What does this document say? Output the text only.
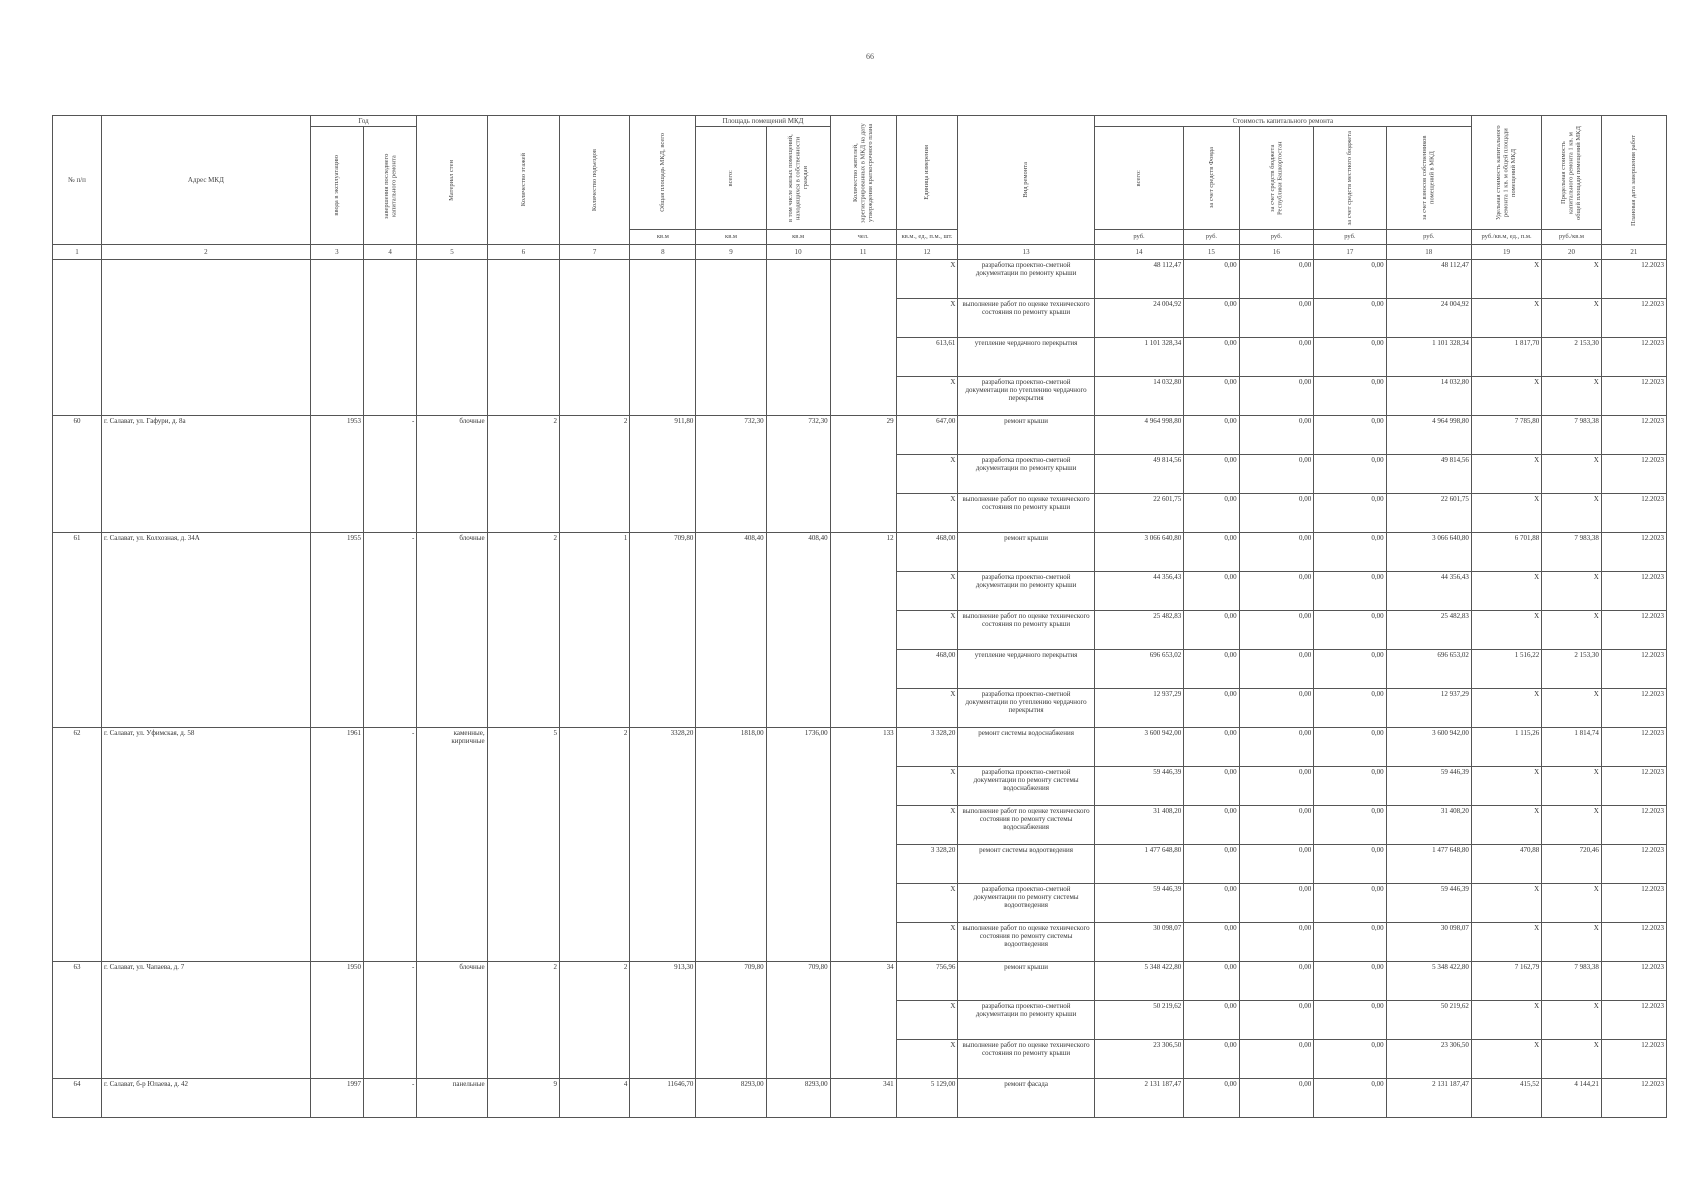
66
№ п/п	Адрес МКД	Год		Материал стен	Количество этажей	Количество подъездов	Общая площадь МКД, всего	Площадь помещений МКД		Количество жителей, зарегистрированных в МКД на дату утверждения краткосрочного плана	Единица измерения	Вид ремонта	Стоимость капитального ремонта					Удельная стоимость капитального ремонта 1 кв. м общей площади помещений МКД	Предельная стоимость капитального ремонта 1 кв. м общей площади помещений МКД	Плановая дата завершения работ

		ввода в эксплуатацию	завершения последнего капитального ремонта					всего:	в том числе жилых помещений, находящихся в собственности граждан				всего:	за счет средств Фонда	за счет средств бюджета Республики Башкортостан	за счет средств местного бюджета	за счет взносов собственников помещений в МКД			

							кв.м	кв.м	кв.м	чел.	кв.м., ед., п.м., шт.		руб.	руб.	руб.	руб.	руб.	руб./кв.м, ед., п.м.	руб./кв.м	
1	2	3	4	5	6	7	8	9	10	11	12	13	14	15	16	17	18	19	20	21
											X	разработка проектно-сметной документации по ремонту крыши	48 112,47	0,00	0,00	0,00	48 112,47	X	X	12.2023
											X	выполнение работ по оценке технического состояния по ремонту крыши	24 004,92	0,00	0,00	0,00	24 004,92	X	X	12.2023
											613,61	утепление чердачного перекрытия	1 101 328,34	0,00	0,00	0,00	1 101 328,34	1 817,70	2 153,30	12.2023
											X	разработка проектно-сметной документации по утеплению чердачного перекрытия	14 032,80	0,00	0,00	0,00	14 032,80	X	X	12.2023
60	г. Салават, ул. Гафури, д. 8а	1953	-	блочные	2	2	911,80	732,30	732,30	29	647,00	ремонт крыши	4 964 998,80	0,00	0,00	0,00	4 964 998,80	7 785,80	7 983,38	12.2023
											X	разработка проектно-сметной документации по ремонту крыши	49 814,56	0,00	0,00	0,00	49 814,56	X	X	12.2023
											X	выполнение работ по оценке технического состояния по ремонту крыши	22 601,75	0,00	0,00	0,00	22 601,75	X	X	12.2023
61	г. Салават, ул. Колхозная, д. 34А	1955	-	блочные	2	1	709,80	408,40	408,40	12	468,00	ремонт крыши	3 066 640,80	0,00	0,00	0,00	3 066 640,80	6 701,88	7 983,38	12.2023
											X	разработка проектно-сметной документации по ремонту крыши	44 356,43	0,00	0,00	0,00	44 356,43	X	X	12.2023
											X	выполнение работ по оценке технического состояния по ремонту крыши	25 482,83	0,00	0,00	0,00	25 482,83	X	X	12.2023
											468,00	утепление чердачного перекрытия	696 653,02	0,00	0,00	0,00	696 653,02	1 516,22	2 153,30	12.2023
											X	разработка проектно-сметной документации по утеплению чердачного перекрытия	12 937,29	0,00	0,00	0,00	12 937,29	X	X	12.2023
62	г. Салават, ул. Уфимская, д. 58	1961	-	каменные, кирпичные	5	2	3328,20	1818,00	1736,00	133	3 328,20	ремонт системы водоснабжения	3 600 942,00	0,00	0,00	0,00	3 600 942,00	1 115,26	1 814,74	12.2023
											X	разработка проектно-сметной документации по ремонту системы водоснабжения	59 446,39	0,00	0,00	0,00	59 446,39	X	X	12.2023
											X	выполнение работ по оценке технического состояния по ремонту системы водоснабжения	31 408,20	0,00	0,00	0,00	31 408,20	X	X	12.2023
											3 328,20	ремонт системы водоотведения	1 477 648,80	0,00	0,00	0,00	1 477 648,80	470,88	720,46	12.2023
											X	разработка проектно-сметной документации по ремонту системы водоотведения	59 446,39	0,00	0,00	0,00	59 446,39	X	X	12.2023
											X	выполнение работ по оценке технического состояния по ремонту системы водоотведения	30 098,07	0,00	0,00	0,00	30 098,07	X	X	12.2023
63	г. Салават, ул. Чапаева, д. 7	1950	-	блочные	2	2	913,30	709,80	709,80	34	756,96	ремонт крыши	5 348 422,80	0,00	0,00	0,00	5 348 422,80	7 162,79	7 983,38	12.2023
											X	разработка проектно-сметной документации по ремонту крыши	50 219,62	0,00	0,00	0,00	50 219,62	X	X	12.2023
											X	выполнение работ по оценке технического состояния по ремонту крыши	23 306,50	0,00	0,00	0,00	23 306,50	X	X	12.2023
64	г. Салават, б-р Юлаева, д. 42	1997	-	панельные	9	4	11646,70	8293,00	8293,00	341	5 129,00	ремонт фасада	2 131 187,47	0,00	0,00	0,00	2 131 187,47	415,52	4 144,21	12.2023
